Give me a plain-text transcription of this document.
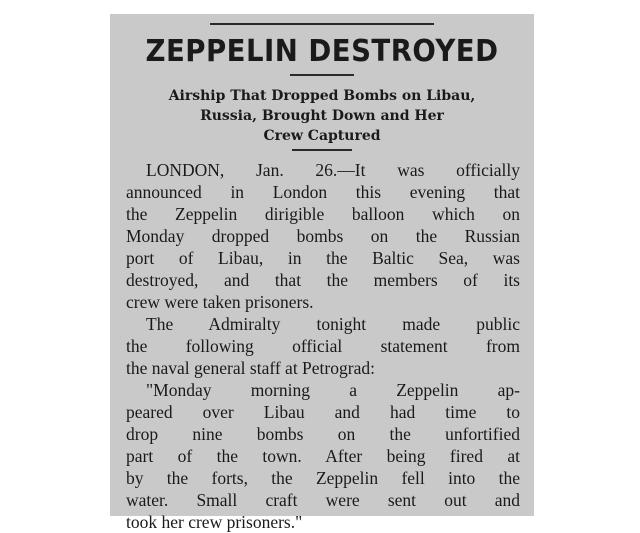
ZEPPELIN DESTROYED
Airship That Dropped Bombs on Libau,
Russia, Brought Down and Her
Crew Captured
LONDON, Jan. 26.—It was officially
announced in London this evening that
the Zeppelin dirigible balloon which on
Monday dropped bombs on the Russian
port of Libau, in the Baltic Sea, was
destroyed, and that the members of its
crew were taken prisoners.
The Admiralty tonight made public
the following official statement from
the naval general staff at Petrograd:
"Monday morning a Zeppelin ap-
peared over Libau and had time to
drop nine bombs on the unfortified
part of the town. After being fired at
by the forts, the Zeppelin fell into the
water. Small craft were sent out and
took her crew prisoners."
